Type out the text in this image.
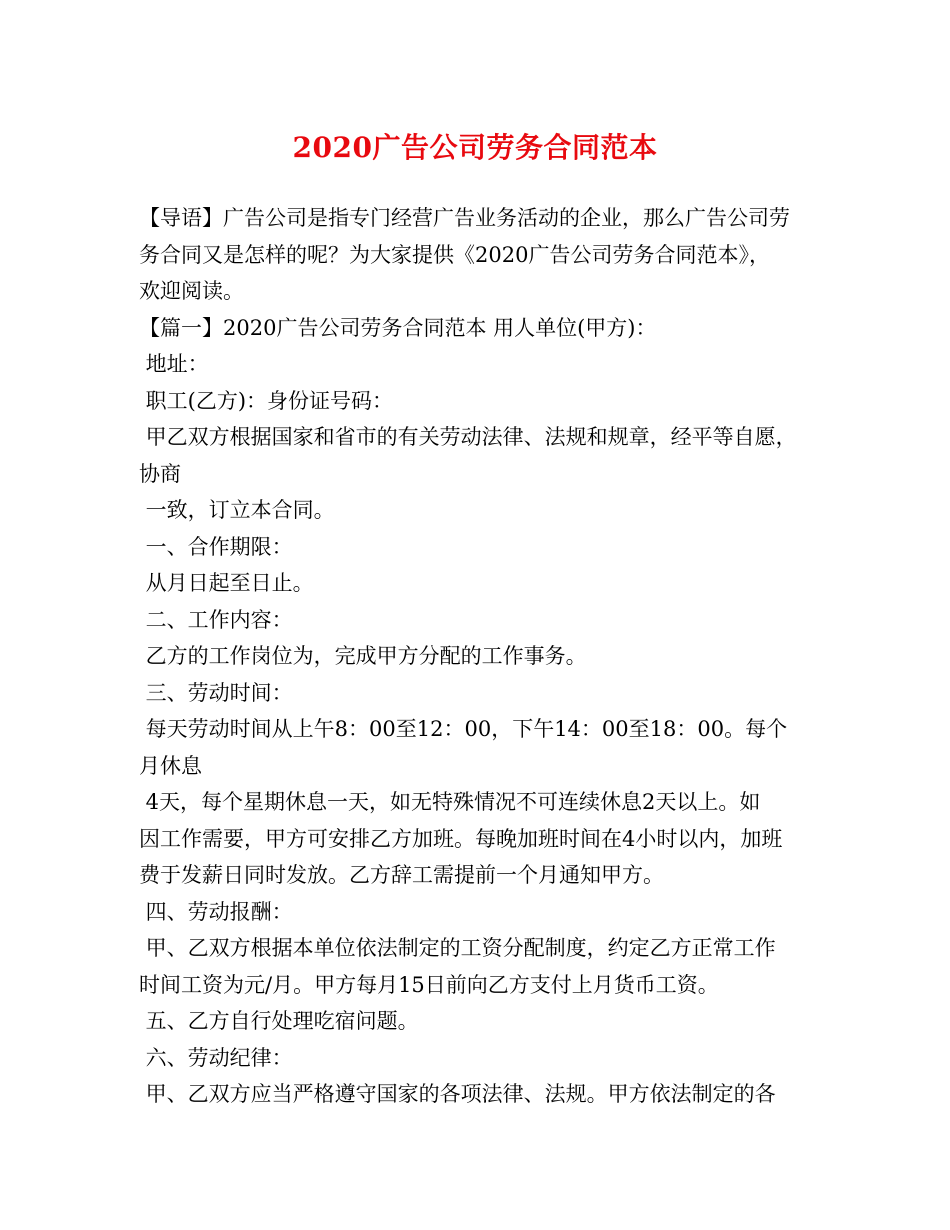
2020广告公司劳务合同范本
【导语】广告公司是指专门经营广告业务活动的企业，那么广告公司劳
务合同又是怎样的呢？为大家提供《2020广告公司劳务合同范本》，
欢迎阅读。
【篇一】2020广告公司劳务合同范本 用人单位(甲方)：
地址：
职工(乙方)：身份证号码：
甲乙双方根据国家和省市的有关劳动法律、法规和规章，经平等自愿，
协商
一致，订立本合同。
一、合作期限：
从月日起至日止。
二、工作内容：
乙方的工作岗位为，完成甲方分配的工作事务。
三、劳动时间：
每天劳动时间从上午8：00至12：00，下午14：00至18：00。每个
月休息
4天，每个星期休息一天，如无特殊情况不可连续休息2天以上。如
因工作需要，甲方可安排乙方加班。每晚加班时间在4小时以内，加班
费于发薪日同时发放。乙方辞工需提前一个月通知甲方。
四、劳动报酬：
甲、乙双方根据本单位依法制定的工资分配制度，约定乙方正常工作
时间工资为元/月。甲方每月15日前向乙方支付上月货币工资。
五、乙方自行处理吃宿问题。
六、劳动纪律：
甲、乙双方应当严格遵守国家的各项法律、法规。甲方依法制定的各
